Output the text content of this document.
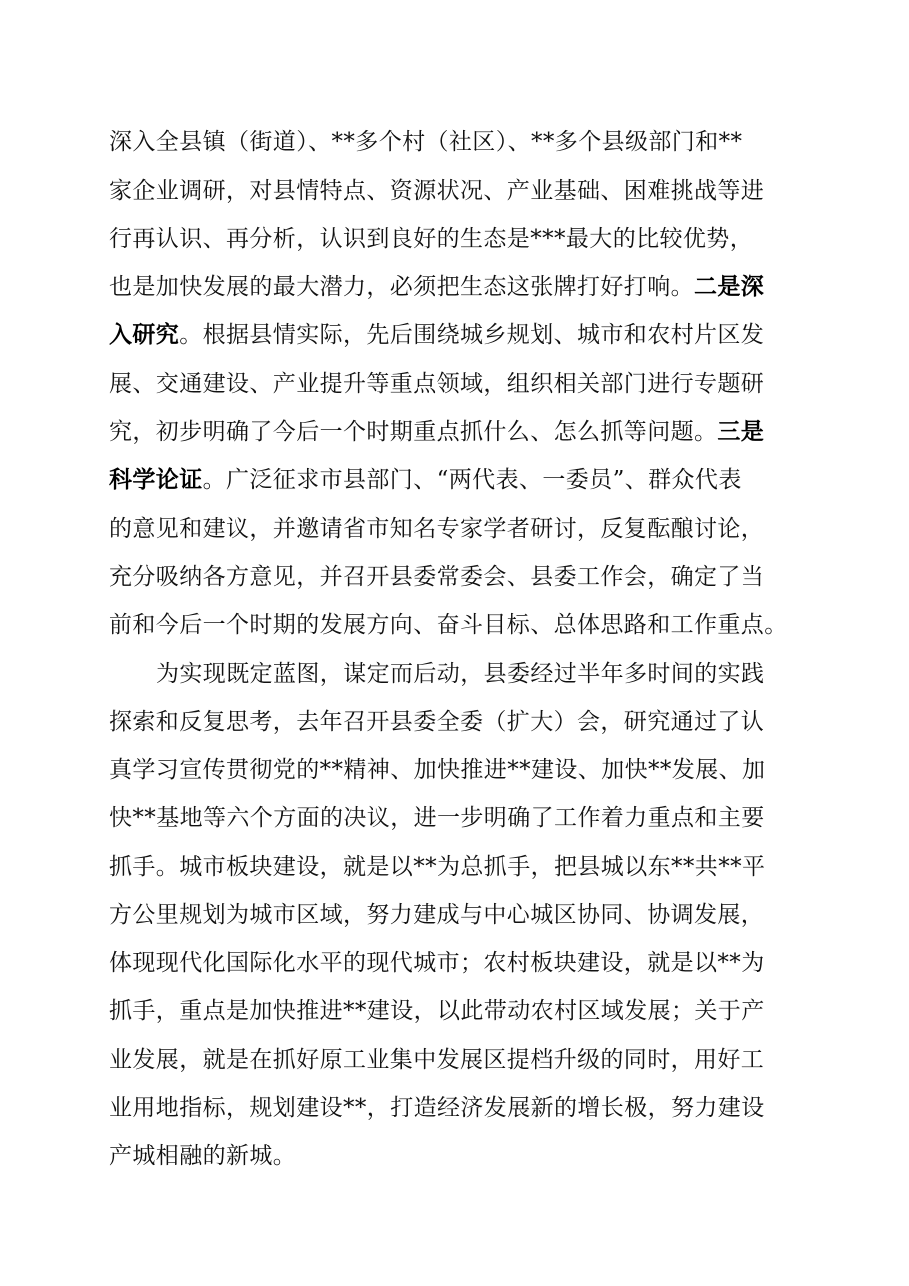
深入全县镇（街道）、**多个村（社区）、**多个县级部门和**
家企业调研，对县情特点、资源状况、产业基础、困难挑战等进
行再认识、再分析，认识到良好的生态是***最大的比较优势，
也是加快发展的最大潜力，必须把生态这张牌打好打响。二是深
入研究。根据县情实际，先后围绕城乡规划、城市和农村片区发
展、交通建设、产业提升等重点领域，组织相关部门进行专题研
究，初步明确了今后一个时期重点抓什么、怎么抓等问题。三是
科学论证。广泛征求市县部门、“两代表、一委员”、群众代表
的意见和建议，并邀请省市知名专家学者研讨，反复酝酿讨论，
充分吸纳各方意见，并召开县委常委会、县委工作会，确定了当
前和今后一个时期的发展方向、奋斗目标、总体思路和工作重点。
为实现既定蓝图，谋定而后动，县委经过半年多时间的实践
探索和反复思考，去年召开县委全委（扩大）会，研究通过了认
真学习宣传贯彻党的**精神、加快推进**建设、加快**发展、加
快**基地等六个方面的决议，进一步明确了工作着力重点和主要
抓手。城市板块建设，就是以**为总抓手，把县城以东**共**平
方公里规划为城市区域，努力建成与中心城区协同、协调发展，
体现现代化国际化水平的现代城市；农村板块建设，就是以**为
抓手，重点是加快推进**建设，以此带动农村区域发展；关于产
业发展，就是在抓好原工业集中发展区提档升级的同时，用好工
业用地指标，规划建设**，打造经济发展新的增长极，努力建设
产城相融的新城。
